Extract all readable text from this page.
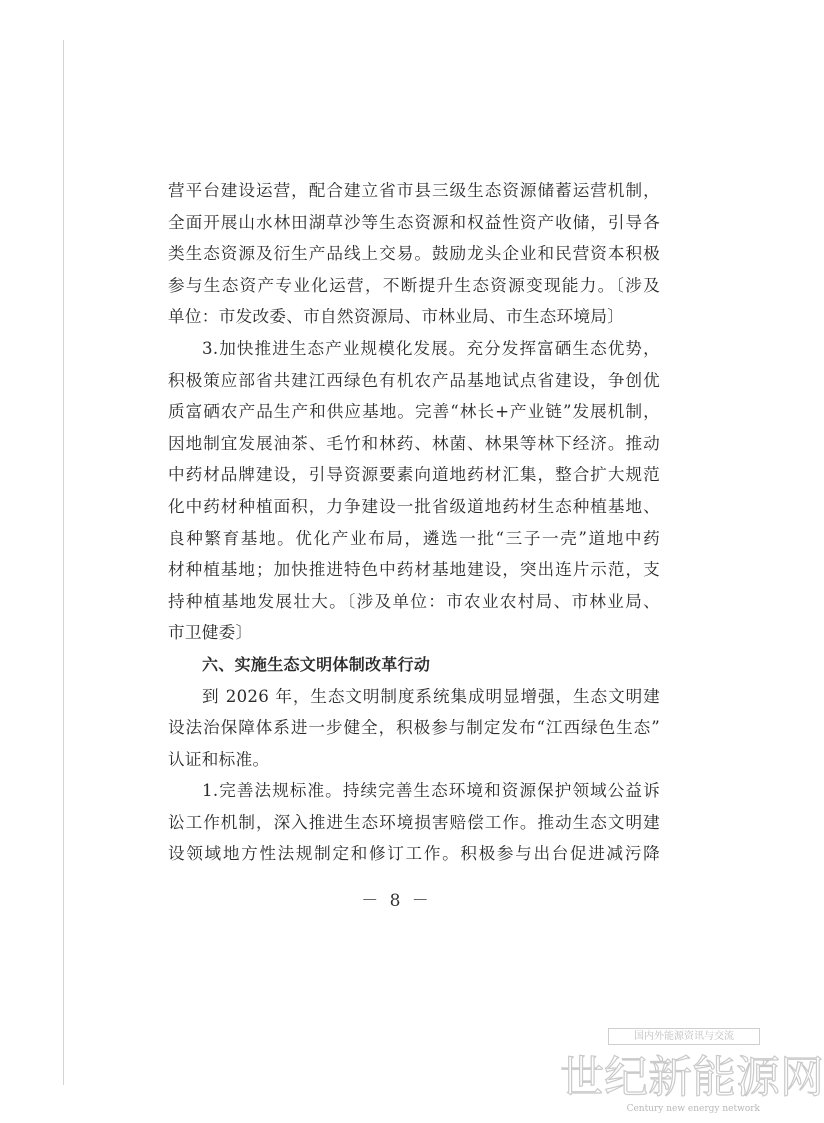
营平台建设运营，配合建立省市县三级生态资源储蓄运营机制，
全面开展山水林田湖草沙等生态资源和权益性资产收储，引导各
类生态资源及衍生产品线上交易。鼓励龙头企业和民营资本积极
参与生态资产专业化运营，不断提升生态资源变现能力。〔涉及
单位：市发改委、市自然资源局、市林业局、市生态环境局〕
3.加快推进生态产业规模化发展。充分发挥富硒生态优势，
积极策应部省共建江西绿色有机农产品基地试点省建设，争创优
质富硒农产品生产和供应基地。完善“林长+产业链”发展机制，
因地制宜发展油茶、毛竹和林药、林菌、林果等林下经济。推动
中药材品牌建设，引导资源要素向道地药材汇集，整合扩大规范
化中药材种植面积，力争建设一批省级道地药材生态种植基地、
良种繁育基地。优化产业布局，遴选一批“三子一壳”道地中药
材种植基地；加快推进特色中药材基地建设，突出连片示范，支
持种植基地发展壮大。〔涉及单位：市农业农村局、市林业局、
市卫健委〕
六、实施生态文明体制改革行动
到 2026 年，生态文明制度系统集成明显增强，生态文明建
设法治保障体系进一步健全，积极参与制定发布“江西绿色生态”
认证和标准。
1.完善法规标准。持续完善生态环境和资源保护领域公益诉
讼工作机制，深入推进生态环境损害赔偿工作。推动生态文明建
设领域地方性法规制定和修订工作。积极参与出台促进减污降
－ 8 －
国内外能源资讯与交流
世纪新能源网
Century new energy network
